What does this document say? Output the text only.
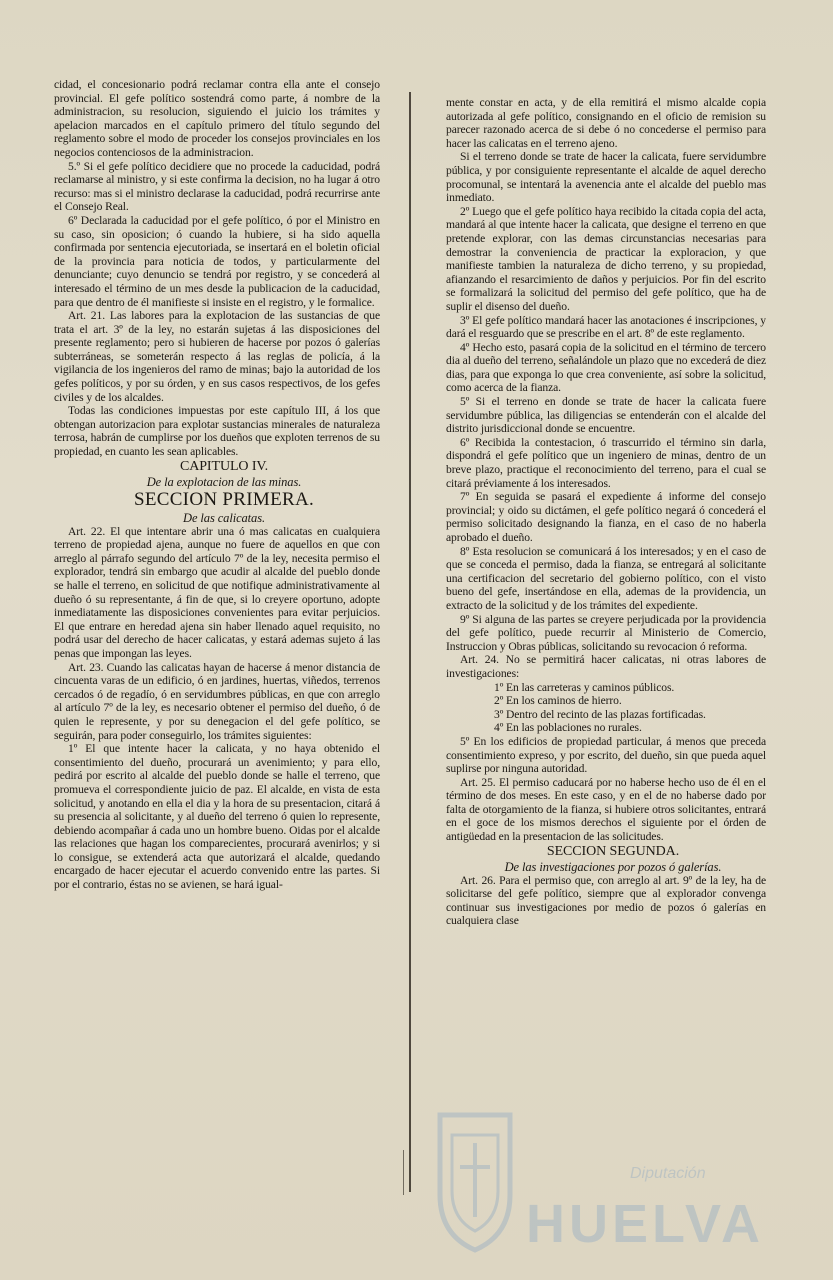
cidad, el concesionario podrá reclamar contra ella ante el consejo provincial. El gefe político sostendrá como parte, á nombre de la administracion, su resolucion, siguiendo el juicio los trámites y apelacion marcados en el capítulo primero del título segundo del reglamento sobre el modo de proceder los consejos provinciales en los negocios contenciosos de la administracion.

5.º Si el gefe político decidiere que no procede la caducidad, podrá reclamarse al ministro, y si este confirma la decision, no ha lugar á otro recurso: mas si el ministro declarase la caducidad, podrá recurrirse ante el Consejo Real.

6º Declarada la caducidad por el gefe político, ó por el Ministro en su caso, sin oposicion; ó cuando la hubiere, si ha sido aquella confirmada por sentencia ejecutoriada, se insertará en el boletin oficial de la provincia para noticia de todos, y particularmente del denunciante; cuyo denuncio se tendrá por registro, y se concederá al interesado el término de un mes desde la publicacion de la caducidad, para que dentro de él manifieste si insiste en el registro, y le formalice.

Art. 21. Las labores para la explotacion de las sustancias de que trata el art. 3º de la ley, no estarán sujetas á las disposiciones del presente reglamento; pero si hubieren de hacerse por pozos ó galerías subterráneas, se someterán respecto á las reglas de policía, á la vigilancia de los ingenieros del ramo de minas; bajo la autoridad de los gefes políticos, y por su órden, y en sus casos respectivos, de los gefes civiles y de los alcaldes.

Todas las condiciones impuestas por este capítulo III, á los que obtengan autorizacion para explotar sustancias minerales de naturaleza terrosa, habrán de cumplirse por los dueños que exploten terrenos de su propiedad, en cuanto les sean aplicables.

CAPITULO IV.

De la explotacion de las minas.

SECCION PRIMERA.

De las calicatas.

Art. 22. El que intentare abrir una ó mas calicatas en cualquiera terreno de propiedad ajena, aunque no fuere de aquellos en que con arreglo al párrafo segundo del artículo 7º de la ley, necesita permiso el explorador, tendrá sin embargo que acudir al alcalde del pueblo donde se halle el terreno, en solicitud de que notifique administrativamente al dueño ó su representante, á fin de que, si lo creyere oportuno, adopte inmediatamente las disposiciones convenientes para evitar perjuicios. El que entrare en heredad ajena sin haber llenado aquel requisito, no podrá usar del derecho de hacer calicatas, y estará ademas sujeto á las penas que impongan las leyes.

Art. 23. Cuando las calicatas hayan de hacerse á menor distancia de cincuenta varas de un edificio, ó en jardines, huertas, viñedos, terrenos cercados ó de regadío, ó en servidumbres públicas, en que con arreglo al artículo 7º de la ley, es necesario obtener el permiso del dueño, ó de quien le represente, y por su denegacion el del gefe político, se seguirán, para poder conseguirlo, los trámites siguientes:

1º El que intente hacer la calicata, y no haya obtenido el consentimiento del dueño, procurará un avenimiento; y para ello, pedirá por escrito al alcalde del pueblo donde se halle el terreno, que promueva el correspondiente juicio de paz. El alcalde, en vista de esta solicitud, y anotando en ella el dia y la hora de su presentacion, citará á su presencia al solicitante, y al dueño del terreno ó quien lo represente, debiendo acompañar á cada uno un hombre bueno. Oidas por el alcalde las relaciones que hagan los comparecientes, procurará avenirlos; y si lo consigue, se extenderá acta que autorizará el alcalde, quedando encargado de hacer ejecutar el acuerdo convenido entre las partes. Si por el contrario, éstas no se avienen, se hará igual-

mente constar en acta, y de ella remitirá el mismo alcalde copia autorizada al gefe político, consignando en el oficio de remision su parecer razonado acerca de si debe ó no concederse el permiso para hacer las calicatas en el terreno ajeno.

Si el terreno donde se trate de hacer la calicata, fuere servidumbre pública, y por consiguiente representante el alcalde de aquel derecho procomunal, se intentará la avenencia ante el alcalde del pueblo mas inmediato.

2º Luego que el gefe político haya recibido la citada copia del acta, mandará al que intente hacer la calicata, que designe el terreno en que pretende explorar, con las demas circunstancias necesarias para demostrar la conveniencia de practicar la exploracion, y que manifieste tambien la naturaleza de dicho terreno, y su propiedad, afianzando el resarcimiento de daños y perjuicios. Por fin del escrito se formalizará la solicitud del permiso del gefe político, que ha de suplir el disenso del dueño.

3º El gefe político mandará hacer las anotaciones é inscripciones, y dará el resguardo que se prescribe en el art. 8º de este reglamento.

4º Hecho esto, pasará copia de la solicitud en el término de tercero dia al dueño del terreno, señalándole un plazo que no excederá de diez dias, para que exponga lo que crea conveniente, así sobre la solicitud, como acerca de la fianza.

5º Si el terreno en donde se trate de hacer la calicata fuere servidumbre pública, las diligencias se entenderán con el alcalde del distrito jurisdiccional donde se encuentre.

6º Recibida la contestacion, ó trascurrido el término sin darla, dispondrá el gefe político que un ingeniero de minas, dentro de un breve plazo, practique el reconocimiento del terreno, para el cual se citará préviamente á los interesados.

7º En seguida se pasará el expediente á informe del consejo provincial; y oido su dictámen, el gefe político negará ó concederá el permiso solicitado designando la fianza, en el caso de no haberla aprobado el dueño.

8º Esta resolucion se comunicará á los interesados; y en el caso de que se conceda el permiso, dada la fianza, se entregará al solicitante una certificacion del secretario del gobierno político, con el visto bueno del gefe, insertándose en ella, ademas de la providencia, un extracto de la solicitud y de los trámites del expediente.

9º Si alguna de las partes se creyere perjudicada por la providencia del gefe político, puede recurrir al Ministerio de Comercio, Instruccion y Obras públicas, solicitando su revocacion ó reforma.

Art. 24. No se permitirá hacer calicatas, ni otras labores de investigaciones:

1º En las carreteras y caminos públicos.

2º En los caminos de hierro.

3º Dentro del recinto de las plazas fortificadas.

4º En las poblaciones no rurales.

5º En los edificios de propiedad particular, á menos que preceda consentimiento expreso, y por escrito, del dueño, sin que pueda aquel suplirse por ninguna autoridad.

Art. 25. El permiso caducará por no haberse hecho uso de él en el término de dos meses. En este caso, y en el de no haberse dado por falta de otorgamiento de la fianza, si hubiere otros solicitantes, entrará en el goce de los mismos derechos el siguiente por el órden de antigüedad en la presentacion de las solicitudes.

SECCION SEGUNDA.

De las investigaciones por pozos ó galerías.

Art. 26. Para el permiso que, con arreglo al art. 9º de la ley, ha de solicitarse del gefe político, siempre que al explorador convenga continuar sus investigaciones por medio de pozos ó galerías en cualquiera clase

Diputación
HUELVA
